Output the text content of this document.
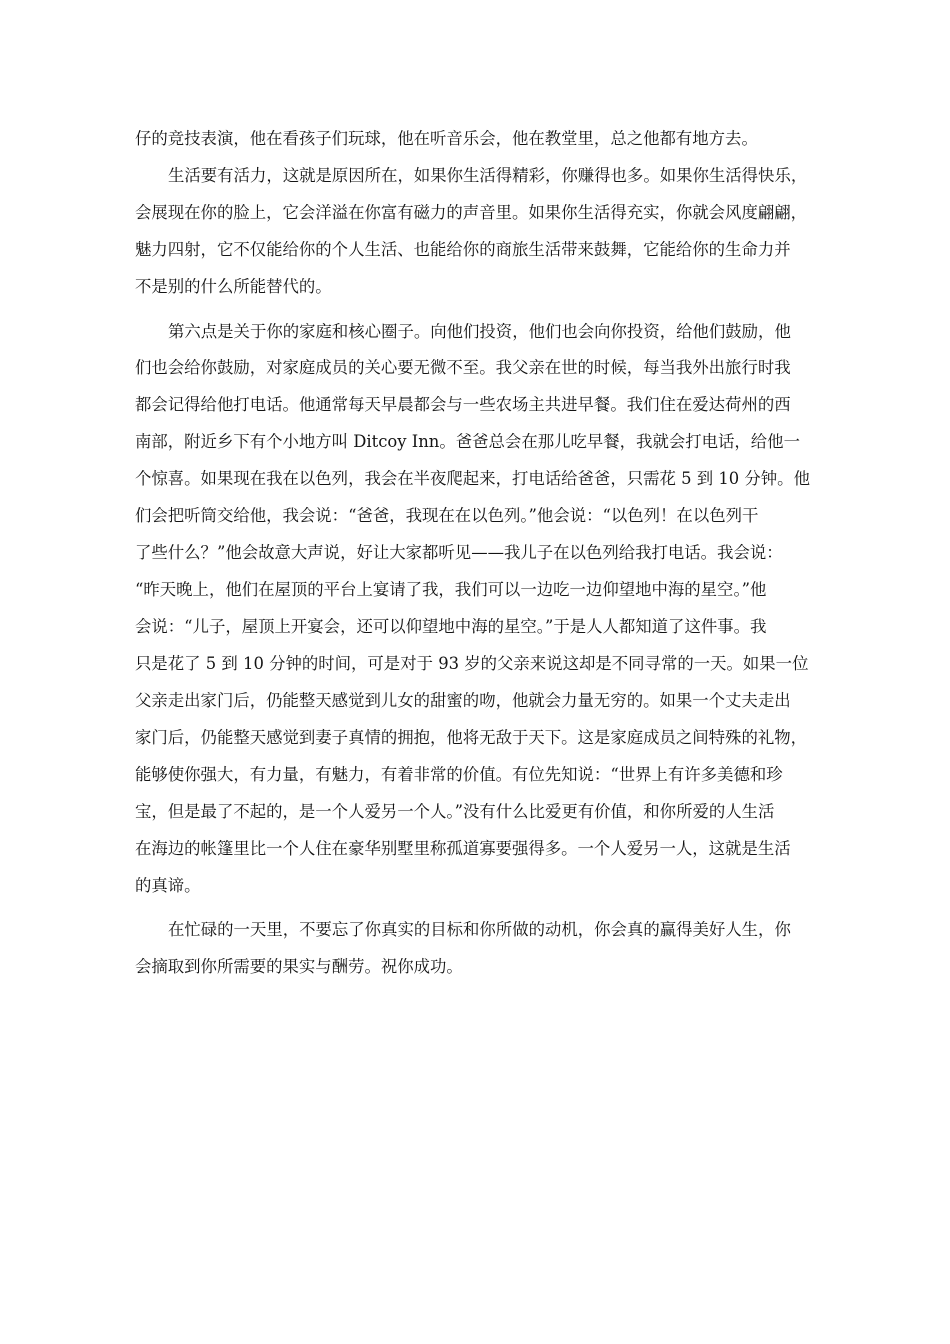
仔的竞技表演，他在看孩子们玩球，他在听音乐会，他在教堂里，总之他都有地方去。
生活要有活力，这就是原因所在，如果你生活得精彩，你赚得也多。如果你生活得快乐，
会展现在你的脸上，它会洋溢在你富有磁力的声音里。如果你生活得充实，你就会风度翩翩，
魅力四射，它不仅能给你的个人生活、也能给你的商旅生活带来鼓舞，它能给你的生命力并
不是别的什么所能替代的。
第六点是关于你的家庭和核心圈子。向他们投资，他们也会向你投资，给他们鼓励，他
们也会给你鼓励，对家庭成员的关心要无微不至。我父亲在世的时候，每当我外出旅行时我
都会记得给他打电话。他通常每天早晨都会与一些农场主共进早餐。我们住在爱达荷州的西
南部，附近乡下有个小地方叫 Ditcoy Inn。爸爸总会在那儿吃早餐，我就会打电话，给他一
个惊喜。如果现在我在以色列，我会在半夜爬起来，打电话给爸爸，只需花 5 到 10 分钟。他
们会把听筒交给他，我会说：“爸爸，我现在在以色列。”他会说：“以色列！在以色列干
了些什么？”他会故意大声说，好让大家都听见——我儿子在以色列给我打电话。我会说：
“昨天晚上，他们在屋顶的平台上宴请了我，我们可以一边吃一边仰望地中海的星空。”他
会说：“儿子，屋顶上开宴会，还可以仰望地中海的星空。”于是人人都知道了这件事。我
只是花了 5 到 10 分钟的时间，可是对于 93 岁的父亲来说这却是不同寻常的一天。如果一位
父亲走出家门后，仍能整天感觉到儿女的甜蜜的吻，他就会力量无穷的。如果一个丈夫走出
家门后，仍能整天感觉到妻子真情的拥抱，他将无敌于天下。这是家庭成员之间特殊的礼物，
能够使你强大，有力量，有魅力，有着非常的价值。有位先知说：“世界上有许多美德和珍
宝，但是最了不起的，是一个人爱另一个人。”没有什么比爱更有价值，和你所爱的人生活
在海边的帐篷里比一个人住在豪华别墅里称孤道寡要强得多。一个人爱另一人，这就是生活
的真谛。
在忙碌的一天里，不要忘了你真实的目标和你所做的动机，你会真的赢得美好人生，你
会摘取到你所需要的果实与酬劳。祝你成功。
